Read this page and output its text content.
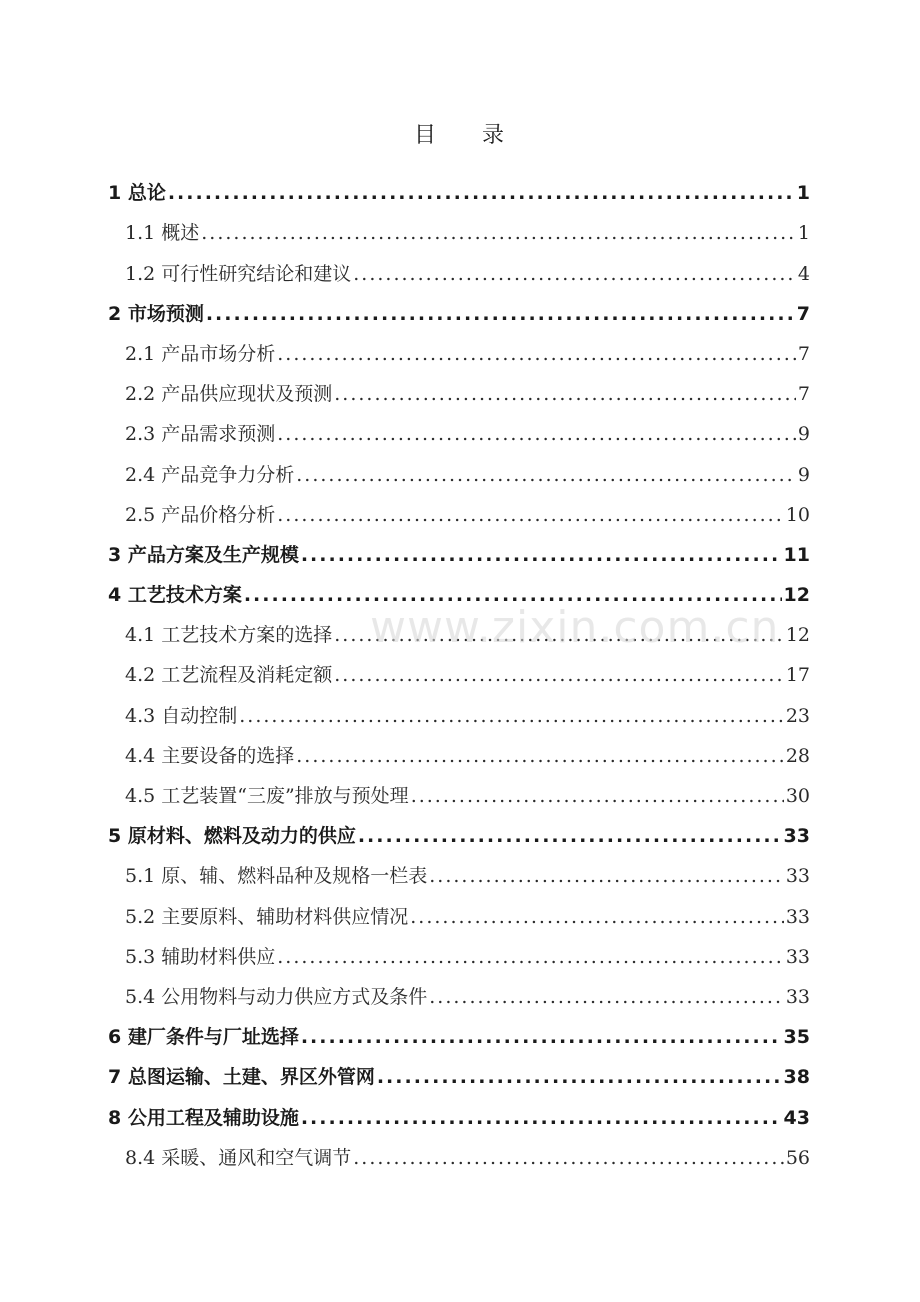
目 录
1 总论 .....	1
1.1 概述 .....	1
1.2 可行性研究结论和建议 .....	4
2 市场预测 .....	7
2.1 产品市场分析 .....	7
2.2 产品供应现状及预测 .....	7
2.3 产品需求预测 .....	9
2.4 产品竞争力分析 .....	9
2.5 产品价格分析 .....	10
3 产品方案及生产规模 .....	11
4 工艺技术方案 .....	12
4.1 工艺技术方案的选择 .....	12
4.2 工艺流程及消耗定额 .....	17
4.3 自动控制 .....	23
4.4 主要设备的选择 .....	28
4.5 工艺装置“三废”排放与预处理 .....	30
5 原材料、燃料及动力的供应 .....	33
5.1 原、辅、燃料品种及规格一栏表 .....	33
5.2 主要原料、辅助材料供应情况 .....	33
5.3 辅助材料供应 .....	33
5.4 公用物料与动力供应方式及条件 .....	33
6 建厂条件与厂址选择 .....	35
7 总图运输、土建、界区外管网 .....	38
8 公用工程及辅助设施 .....	43
8.4 采暖、通风和空气调节 .....	56
www.zixin.com.cn
